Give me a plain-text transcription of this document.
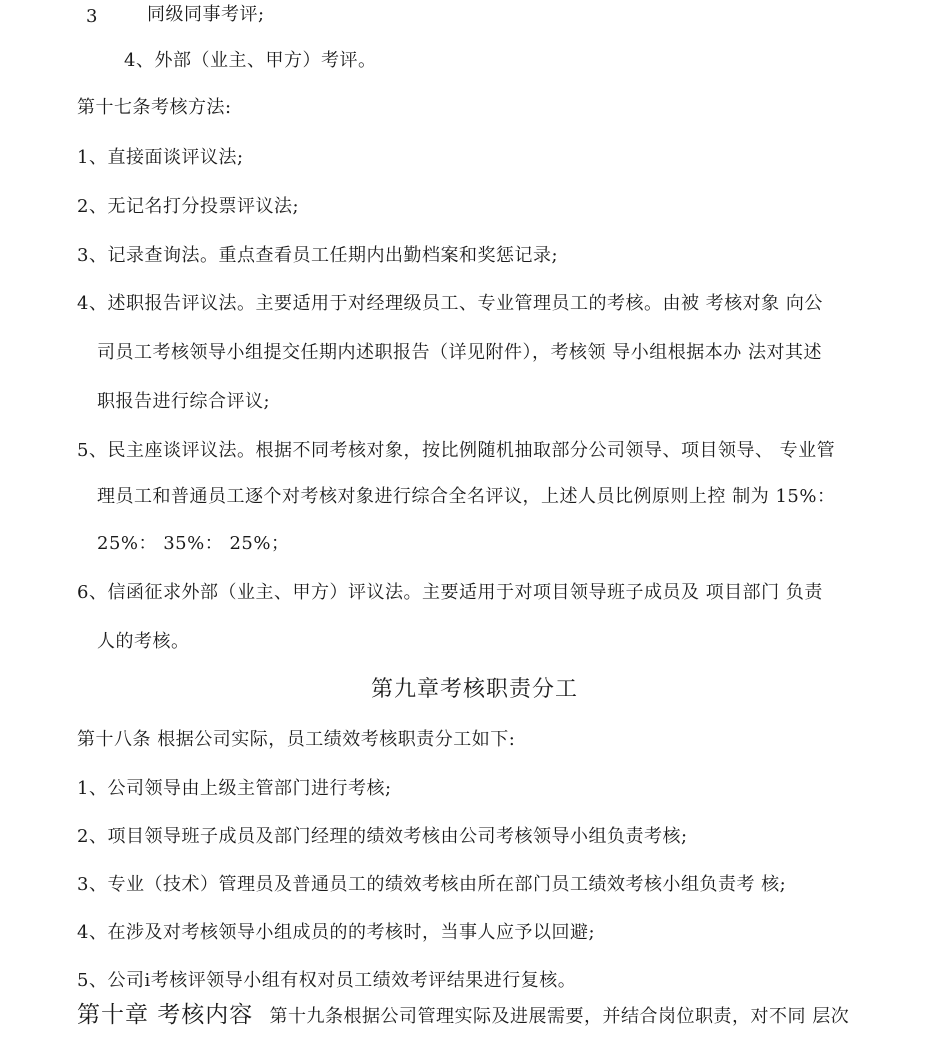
3	同级同事考评;
4、外部（业主、甲方）考评。
第十七条考核方法:
1、直接面谈评议法;
2、无记名打分投票评议法;
3、记录查询法。重点查看员工任期内出勤档案和奖惩记录;
4、述职报告评议法。主要适用于对经理级员工、专业管理员工的考核。由被 考核对象 向公
司员工考核领导小组提交任期内述职报告（详见附件），考核领 导小组根据本办 法对其述
职报告进行综合评议;
5、民主座谈评议法。根据不同考核对象，按比例随机抽取部分公司领导、项目领导、 专业管
理员工和普通员工逐个对考核对象进行综合全名评议，上述人员比例原则上控 制为 15%：
25%： 35%： 25%；
6、信函征求外部（业主、甲方）评议法。主要适用于对项目领导班子成员及 项目部门 负责
人的考核。
第九章考核职责分工
第十八条 根据公司实际，员工绩效考核职责分工如下:
1、公司领导由上级主管部门进行考核;
2、项目领导班子成员及部门经理的绩效考核由公司考核领导小组负责考核;
3、专业（技术）管理员及普通员工的绩效考核由所在部门员工绩效考核小组负责考 核;
4、在涉及对考核领导小组成员的的考核时，当事人应予以回避;
5、公司i考核评领导小组有权对员工绩效考评结果进行复核。
第十章 考核内容 第十九条根据公司管理实际及进展需要，并结合岗位职责，对不同 层次
